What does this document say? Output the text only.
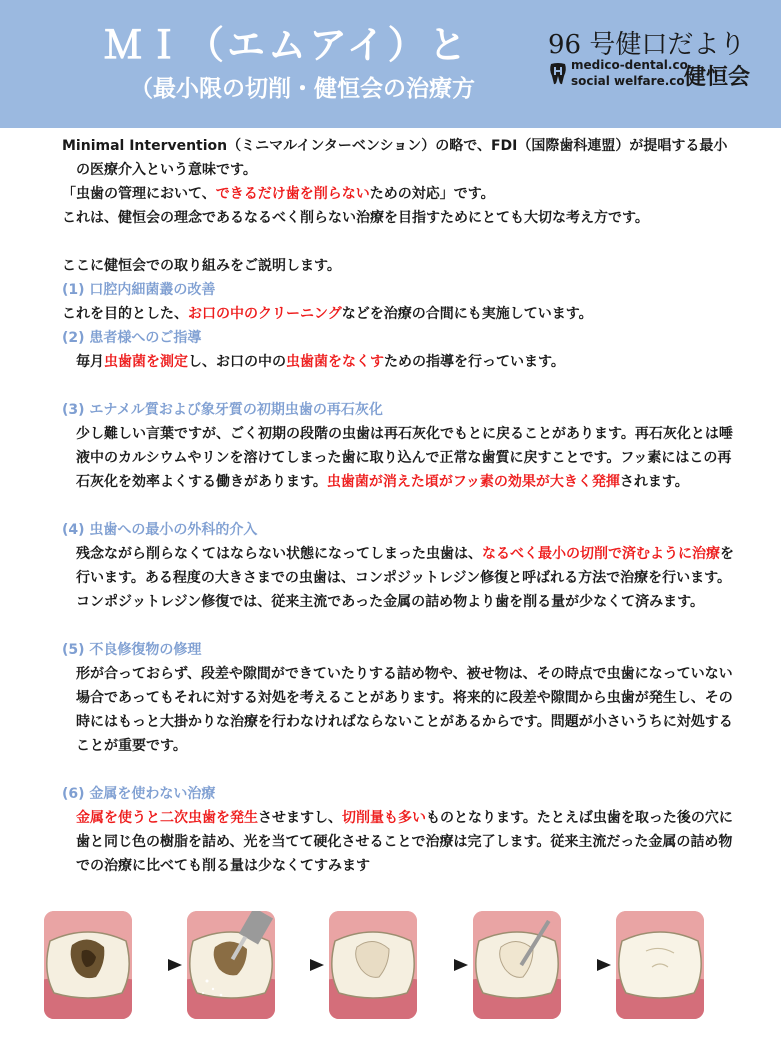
ＭＩ（エムアイ）と
（最小限の切削・健恒会の治療方
96 号健口だより
medico-dental.co
social welfare.co 健恒会

Minimal Intervention（ミニマルインターベンション）の略で、FDI（国際歯科連盟）が提唱する最小の医療介入という意味です。

「虫歯の管理において、できるだけ歯を削らないための対応」です。

これは、健恒会の理念であるなるべく削らない治療を目指すためにとても大切な考え方です。

ここに健恒会での取り組みをご説明します。

(1) 口腔内細菌叢の改善

これを目的とした、お口の中のクリーニングなどを治療の合間にも実施しています。

(2) 患者様へのご指導

毎月虫歯菌を測定し、お口の中の虫歯菌をなくすための指導を行っています。

(3) エナメル質および象牙質の初期虫歯の再石灰化

少し難しい言葉ですが、ごく初期の段階の虫歯は再石灰化でもとに戻ることがあります。再石灰化とは唾液中のカルシウムやリンを溶けてしまった歯に取り込んで正常な歯質に戻すことです。フッ素にはこの再石灰化を効率よくする働きがあります。虫歯菌が消えた頃がフッ素の効果が大きく発揮されます。

(4) 虫歯への最小の外科的介入

残念ながら削らなくてはならない状態になってしまった虫歯は、なるべく最小の切削で済むように治療を行います。ある程度の大きさまでの虫歯は、コンポジットレジン修復と呼ばれる方法で治療を行います。コンポジットレジン修復では、従来主流であった金属の詰め物より歯を削る量が少なくて済みます。

(5) 不良修復物の修理

形が合っておらず、段差や隙間ができていたりする詰め物や、被せ物は、その時点で虫歯になっていない場合であってもそれに対する対処を考えることがあります。将来的に段差や隙間から虫歯が発生し、その時にはもっと大掛かりな治療を行わなければならないことがあるからです。問題が小さいうちに対処することが重要です。

(6) 金属を使わない治療

金属を使うと二次虫歯を発生させますし、切削量も多いものとなります。たとえば虫歯を取った後の穴に歯と同じ色の樹脂を詰め、光を当てて硬化させることで治療は完了します。従来主流だった金属の詰め物での治療に比べても削る量は少なくてすみます
